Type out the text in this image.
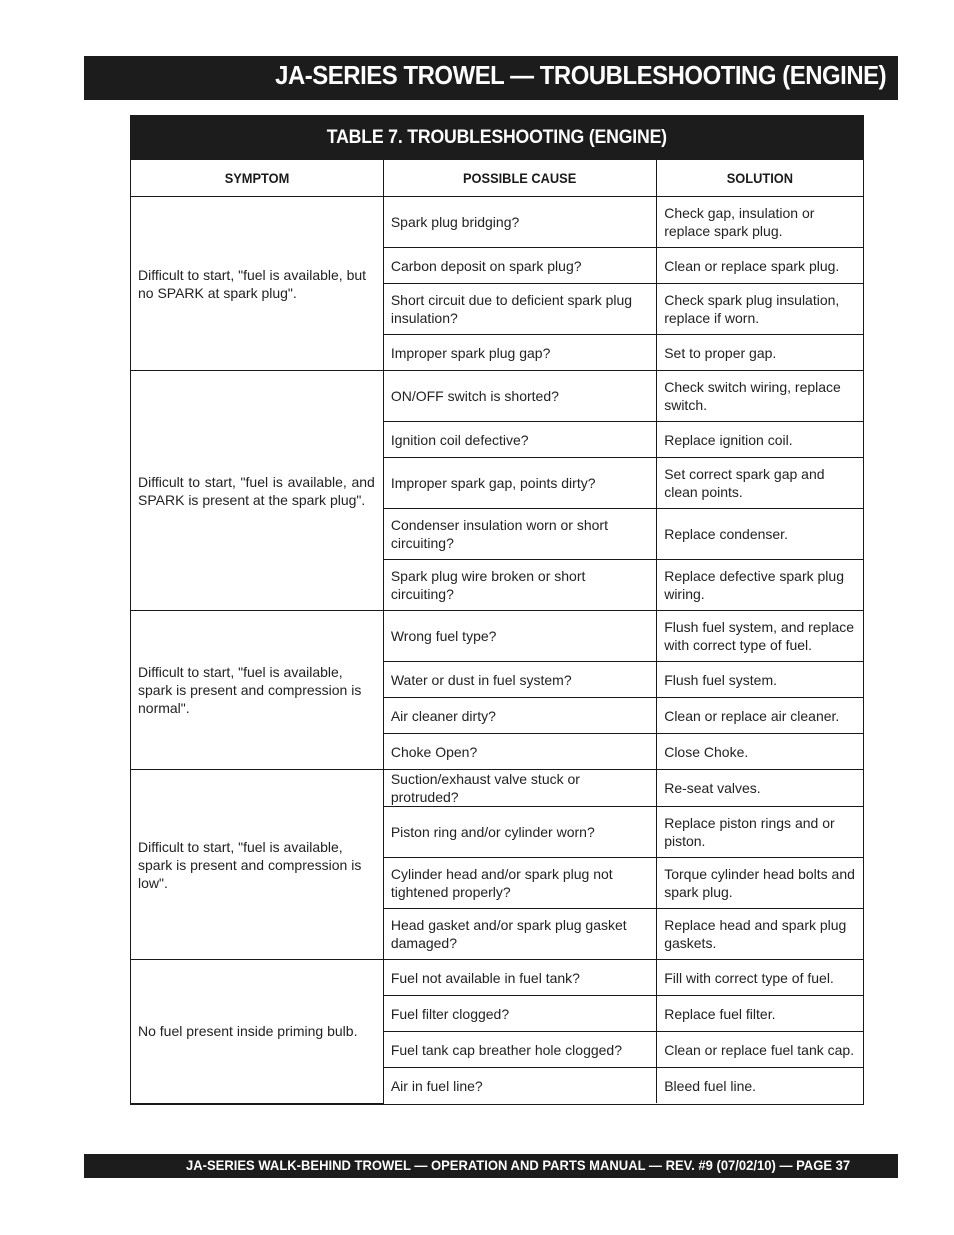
JA-SERIES TROWEL — TROUBLESHOOTING (ENGINE)
TABLE 7. TROUBLESHOOTING (ENGINE)
SYMPTOM	POSSIBLE CAUSE	SOLUTION
Difficult to start, "fuel is available, but no SPARK at spark plug".	Spark plug bridging?	Check gap, insulation or replace spark plug.
	Carbon deposit on spark plug?	Clean or replace spark plug.
	Short circuit due to deficient spark plug insulation?	Check spark plug insulation, replace if worn.
	Improper spark plug gap?	Set to proper gap.
Difficult to start, "fuel is available, and SPARK is present at the spark plug".	ON/OFF switch is shorted?	Check switch wiring, replace switch.
	Ignition coil defective?	Replace ignition coil.
	Improper spark gap, points dirty?	Set correct spark gap and clean points.
	Condenser insulation worn or short circuiting?	Replace condenser.
	Spark plug wire broken or short circuiting?	Replace defective spark plug wiring.
Difficult to start, "fuel is available, spark is present and compression is normal".	Wrong fuel type?	Flush fuel system, and replace with correct type of fuel.
	Water or dust in fuel system?	Flush fuel system.
	Air cleaner dirty?	Clean or replace air cleaner.
	Choke Open?	Close Choke.
Difficult to start, "fuel is available, spark is present and compression is low".	Suction/exhaust valve stuck or protruded?	Re-seat valves.
	Piston ring and/or cylinder worn?	Replace piston rings and or piston.
	Cylinder head and/or spark plug not tightened properly?	Torque cylinder head bolts and spark plug.
	Head gasket and/or spark plug gasket damaged?	Replace head and spark plug gaskets.
No fuel present inside priming bulb.	Fuel not available in fuel tank?	Fill with correct type of fuel.
	Fuel filter clogged?	Replace fuel filter.
	Fuel tank cap breather hole clogged?	Clean or replace fuel tank cap.
	Air in fuel line?	Bleed fuel line.
JA-SERIES WALK-BEHIND TROWEL — OPERATION AND PARTS MANUAL — REV. #9 (07/02/10) — PAGE 37
